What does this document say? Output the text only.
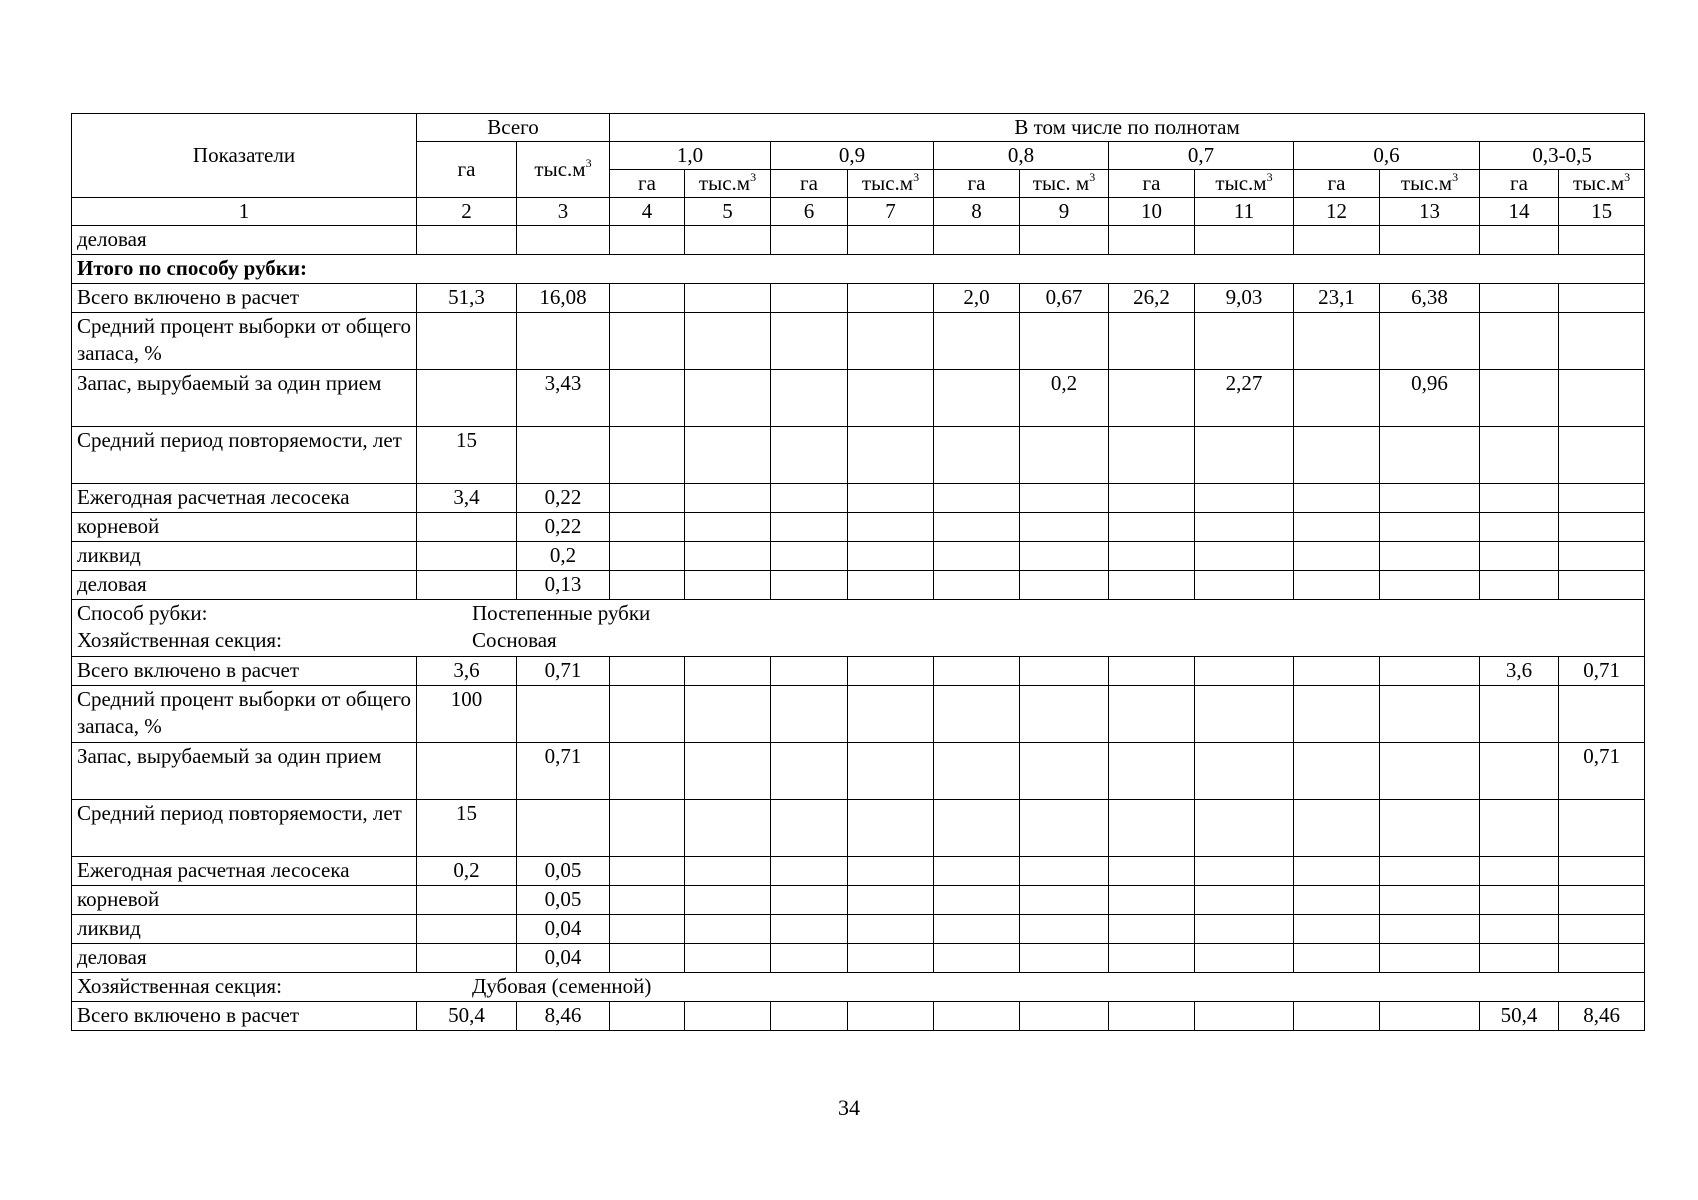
Показатели	Всего		В том числе по полнотам											
	га	$тыс.м^3$	1,0		0,9		0,8		0,7		0,6		0,3-0,5	
			га	$тыс.м^3$	га	$тыс.м^3$	га	тыс. $м^3$	га	$тыс.м^3$	га	$тыс.м^3$	га	$тыс.м^3$
1	2	3	4	5	6	7	8	9	10	11	12	13	14	15
деловая														
Итого по способу рубки:														
Всего включено в расчет	51,3	16,08					2,0	0,67	26,2	9,03	23,1	6,38		
Средний процент выборки от общего запаса, %														
Запас, вырубаемый за один прием		3,43						0,2		2,27		0,96		
Средний период повторяемости, лет	15													
Ежегодная расчетная лесосека	3,4	0,22												
корневой		0,22												
ликвид		0,2												
деловая		0,13												

Способ рубки: Постепенные рубки
Хозяйственная секция: Сосновая														

Всего включено в расчет	3,6	0,71											3,6	0,71
Средний процент выборки от общего запаса, %	100													
Запас, вырубаемый за один прием		0,71												0,71
Средний период повторяемости, лет	15													
Ежегодная расчетная лесосека	0,2	0,05												
корневой		0,05												
ликвид		0,04												
деловая		0,04												

Хозяйственная секция: Дубовая (семенной)														

Всего включено в расчет	50,4	8,46											50,4	8,46
34
